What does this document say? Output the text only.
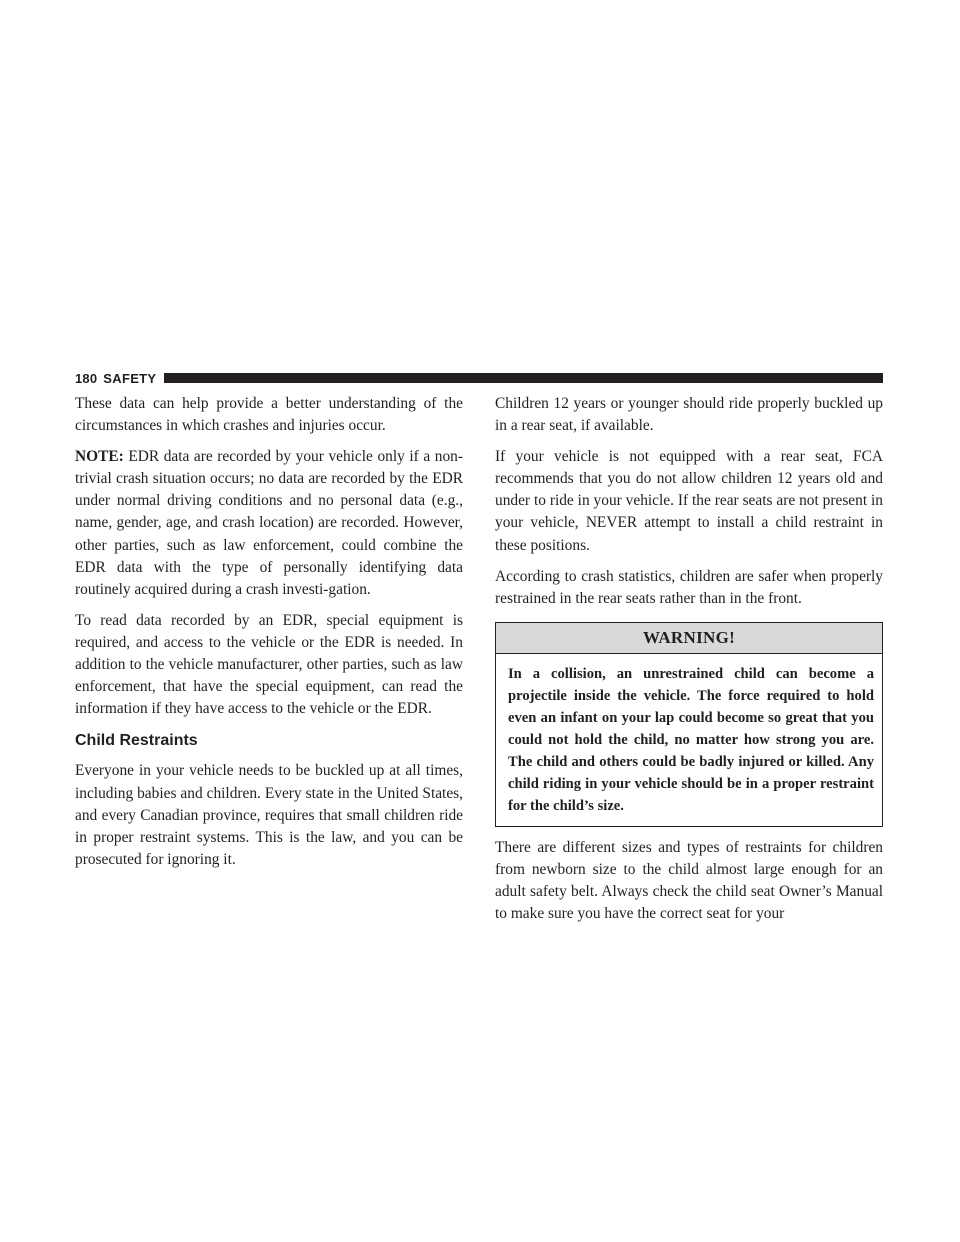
180 SAFETY

These data can help provide a better understanding of the circumstances in which crashes and injuries occur.

NOTE: EDR data are recorded by your vehicle only if a non-trivial crash situation occurs; no data are recorded by the EDR under normal driving conditions and no personal data (e.g., name, gender, age, and crash location) are recorded. However, other parties, such as law enforcement, could combine the EDR data with the type of personally identifying data routinely acquired during a crash investi-gation.

To read data recorded by an EDR, special equipment is required, and access to the vehicle or the EDR is needed. In addition to the vehicle manufacturer, other parties, such as law enforcement, that have the special equipment, can read the information if they have access to the vehicle or the EDR.

Child Restraints

Everyone in your vehicle needs to be buckled up at all times, including babies and children. Every state in the United States, and every Canadian province, requires that small children ride in proper restraint systems. This is the law, and you can be prosecuted for ignoring it.

Children 12 years or younger should ride properly buckled up in a rear seat, if available.

If your vehicle is not equipped with a rear seat, FCA recommends that you do not allow children 12 years old and under to ride in your vehicle. If the rear seats are not present in your vehicle, NEVER attempt to install a child restraint in these positions.

According to crash statistics, children are safer when properly restrained in the rear seats rather than in the front.

WARNING!
In a collision, an unrestrained child can become a projectile inside the vehicle. The force required to hold even an infant on your lap could become so great that you could not hold the child, no matter how strong you are. The child and others could be badly injured or killed. Any child riding in your vehicle should be in a proper restraint for the child’s size.

There are different sizes and types of restraints for children from newborn size to the child almost large enough for an adult safety belt. Always check the child seat Owner’s Manual to make sure you have the correct seat for your
